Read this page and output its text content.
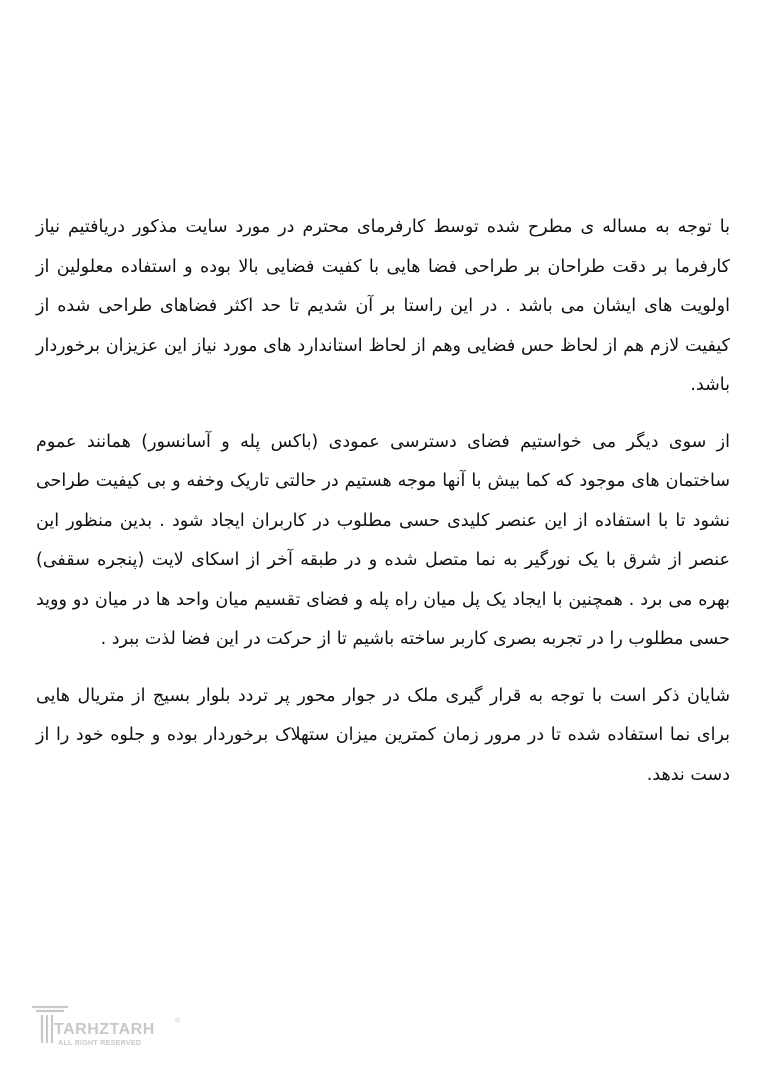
با توجه به مساله ی مطرح شده توسط کارفرمای محترم در مورد سایت مذکور دریافتیم نیاز کارفرما بر دقت طراحان بر طراحی فضا هایی با کفیت فضایی بالا بوده و استفاده معلولین از اولویت های ایشان می باشد . در این راستا بر آن شدیم تا حد اکثر فضاهای طراحی شده از کیفیت لازم هم از لحاظ حس فضایی وهم از لحاظ استاندارد های مورد نیاز این عزیزان برخوردار باشد.

از سوی دیگر می خواستیم فضای دسترسی عمودی (باکس پله و آسانسور) همانند عموم ساختمان های موجود که کما بیش با آنها موجه هستیم در حالتی تاریک وخفه و بی کیفیت طراحی نشود تا با استفاده از این عنصر کلیدی حسی مطلوب در کاربران ایجاد شود . بدین منظور این عنصر از شرق با یک نورگیر به نما متصل شده و در طبقه آخر از اسکای لایت (پنجره سقفی) بهره می برد . همچنین با ایجاد یک پل میان راه پله و فضای تقسیم میان واحد ها در میان دو ووید حسی مطلوب را در تجربه بصری کاربر ساخته باشیم تا از حرکت در این فضا لذت ببرد .

شایان ذکر است با توجه به قرار گیری ملک در جوار محور پر تردد بلوار بسیج از متریال هایی برای نما استفاده شده تا در مرور زمان کمترین میزان ستهلاک برخوردار بوده و جلوه خود را از دست ندهد.

TARHZTARH	®
ALL RIGHT RESERVED
